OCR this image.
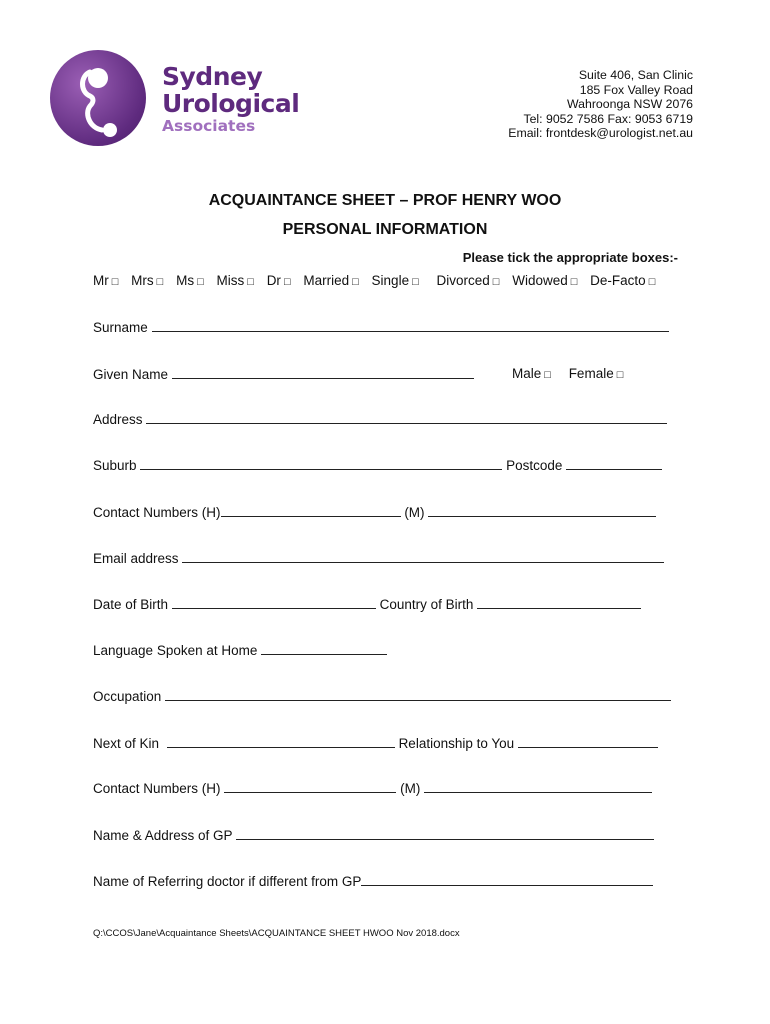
Sydney
Urological
Associates
Suite 406, San Clinic
185 Fox Valley Road
Wahroonga NSW 2076
Tel: 9052 7586 Fax: 9053 6719
Email: frontdesk@urologist.net.au
ACQUAINTANCE SHEET – PROF HENRY WOO
PERSONAL INFORMATION
Please tick the appropriate boxes:-
Mr □ Mrs □ Ms □ Miss □ Dr □ Married □ Single □ Divorced □ Widowed □ De-Facto □
Surname
Given Name	Male □ Female □
Address
Suburb	Postcode
Contact Numbers (H)	(M)
Email address
Date of Birth	Country of Birth
Language Spoken at Home
Occupation
Next of Kin	Relationship to You
Contact Numbers (H)	(M)
Name & Address of GP
Name of Referring doctor if different from GP
Q:\CCOS\Jane\Acquaintance Sheets\ACQUAINTANCE SHEET HWOO Nov 2018.docx
